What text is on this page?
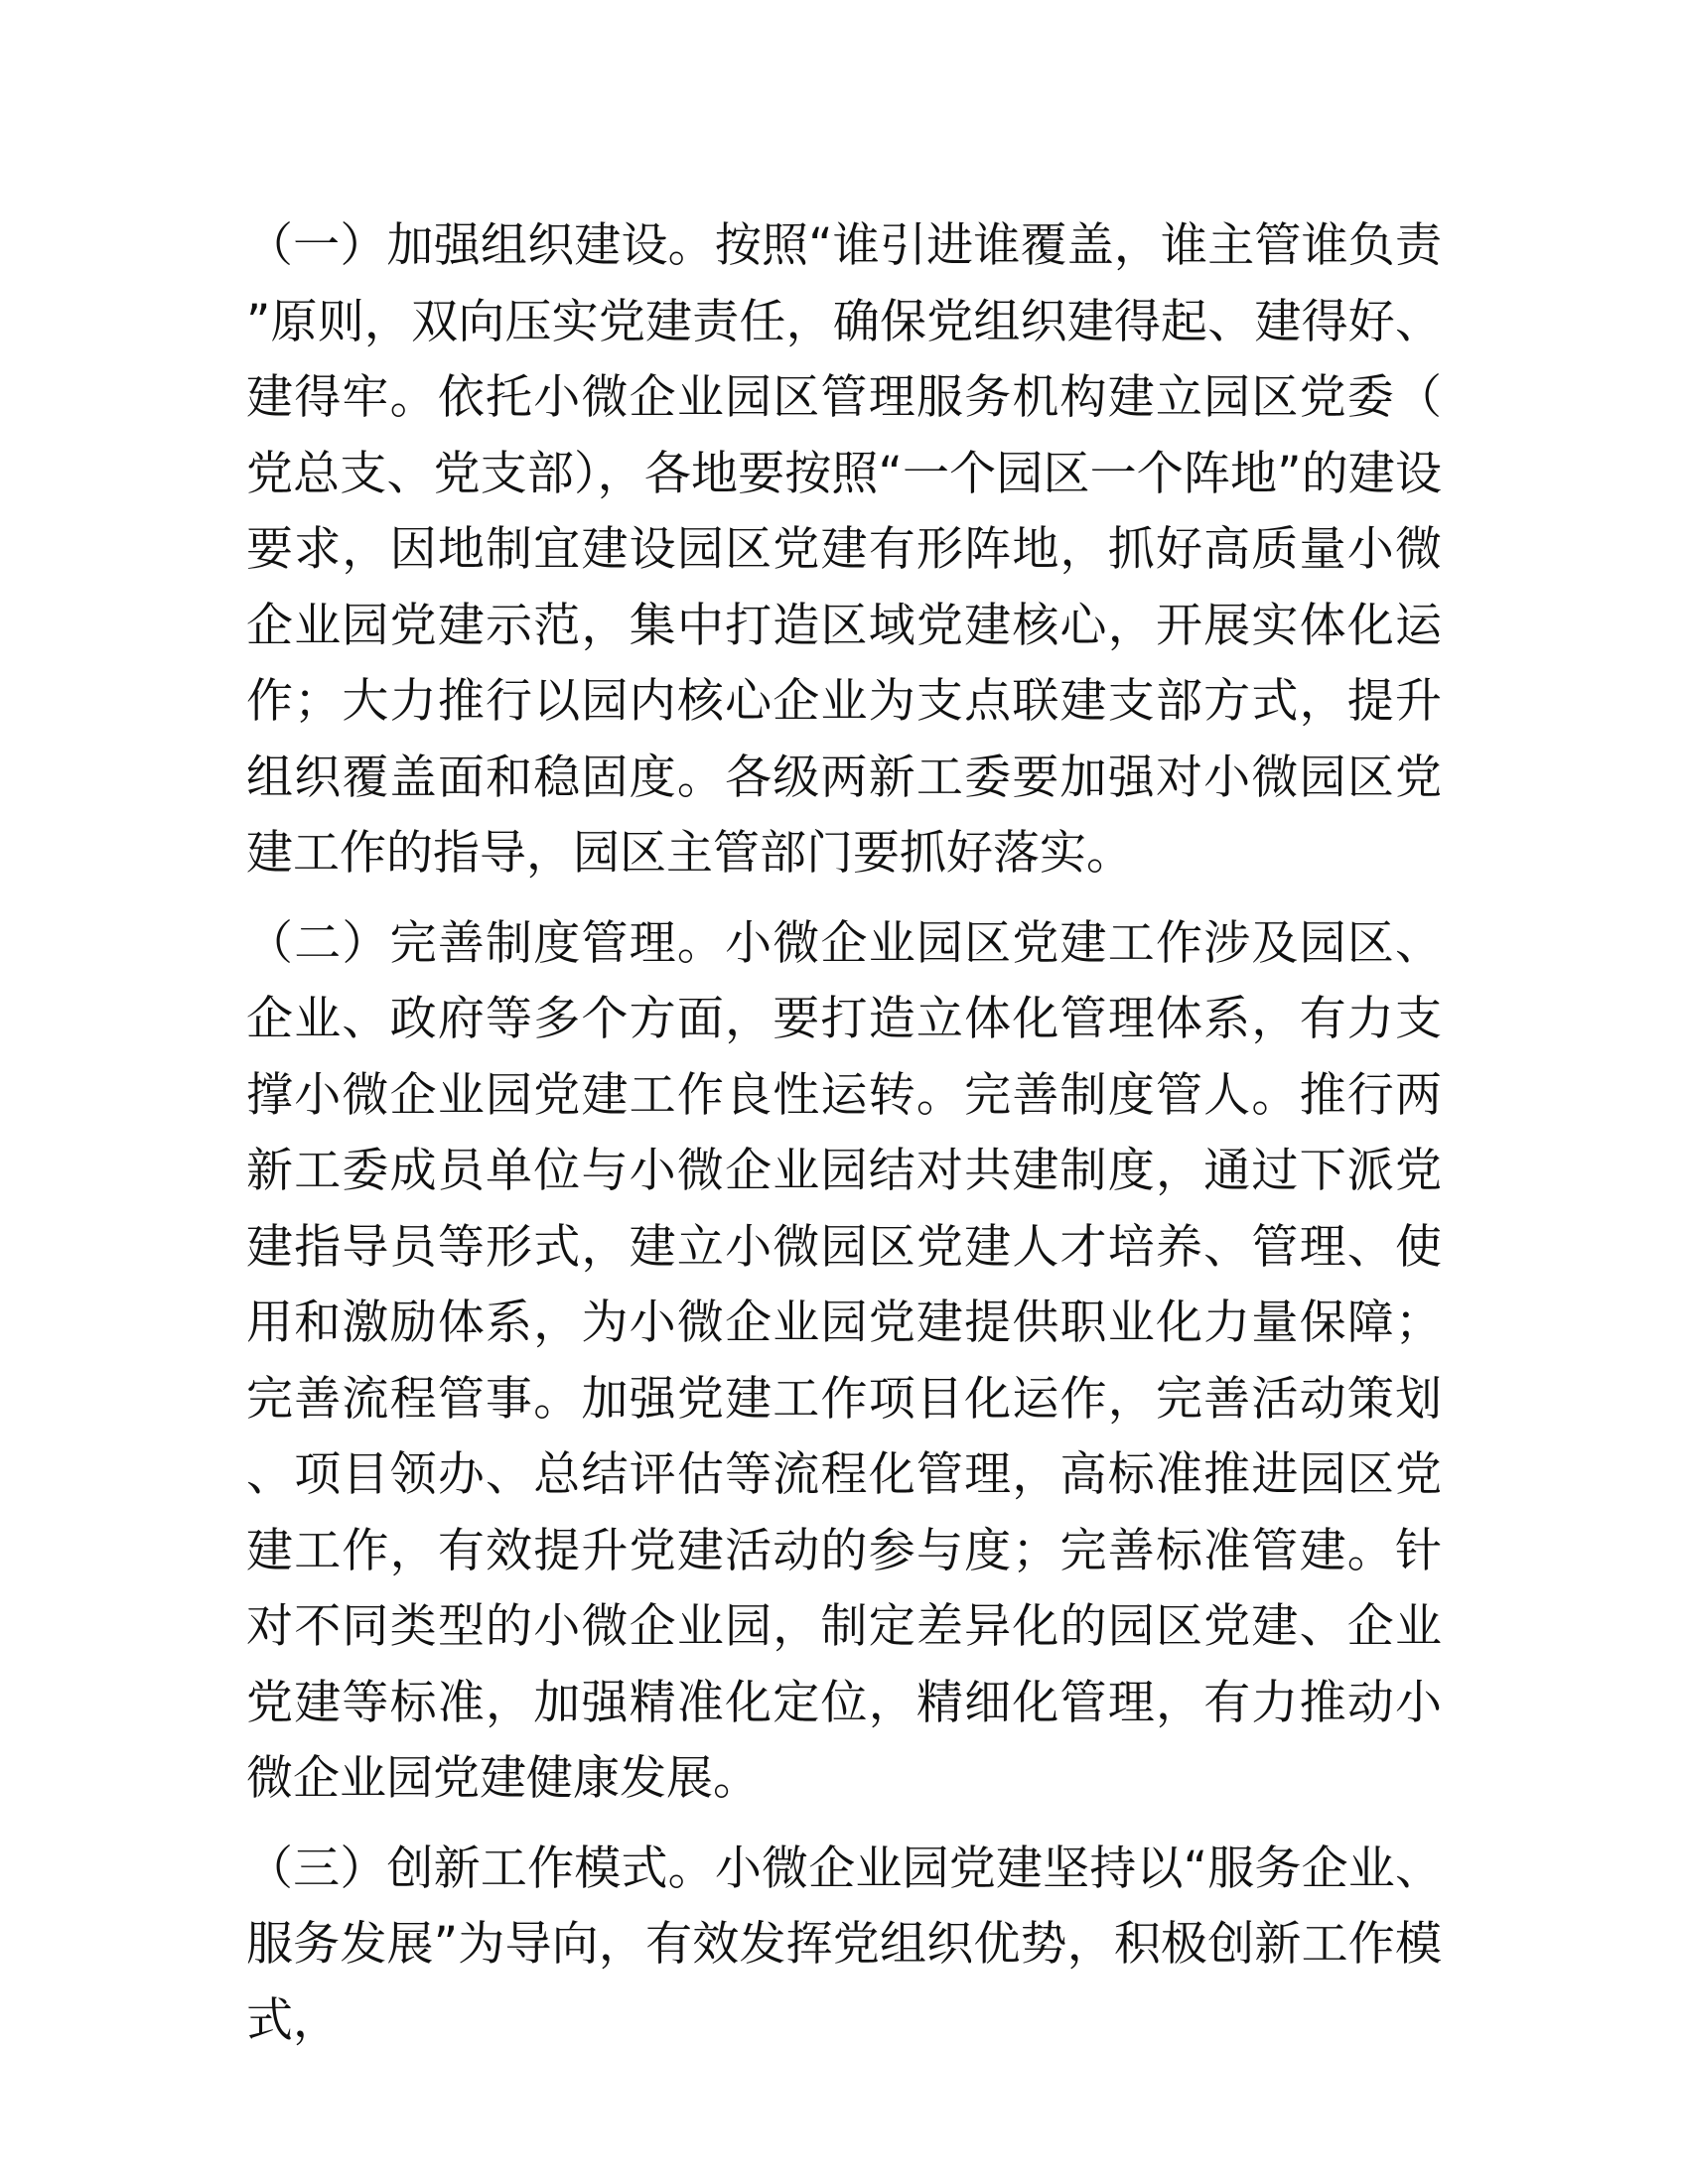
（一）加强组织建设。按照“谁引进谁覆盖，谁主管谁负责”原则，双向压实党建责任，确保党组织建得起、建得好、建得牢。依托小微企业园区管理服务机构建立园区党委（党总支、党支部），各地要按照“一个园区一个阵地”的建设要求，因地制宜建设园区党建有形阵地，抓好高质量小微企业园党建示范，集中打造区域党建核心，开展实体化运作；大力推行以园内核心企业为支点联建支部方式，提升组织覆盖面和稳固度。各级两新工委要加强对小微园区党建工作的指导，园区主管部门要抓好落实。

（二）完善制度管理。小微企业园区党建工作涉及园区、企业、政府等多个方面，要打造立体化管理体系，有力支撑小微企业园党建工作良性运转。完善制度管人。推行两新工委成员单位与小微企业园结对共建制度，通过下派党建指导员等形式，建立小微园区党建人才培养、管理、使用和激励体系，为小微企业园党建提供职业化力量保障；完善流程管事。加强党建工作项目化运作，完善活动策划、项目领办、总结评估等流程化管理，高标准推进园区党建工作，有效提升党建活动的参与度；完善标准管建。针对不同类型的小微企业园，制定差异化的园区党建、企业党建等标准，加强精准化定位，精细化管理，有力推动小微企业园党建健康发展。

（三）创新工作模式。小微企业园党建坚持以“服务企业、服务发展”为导向，有效发挥党组织优势，积极创新工作模式，
